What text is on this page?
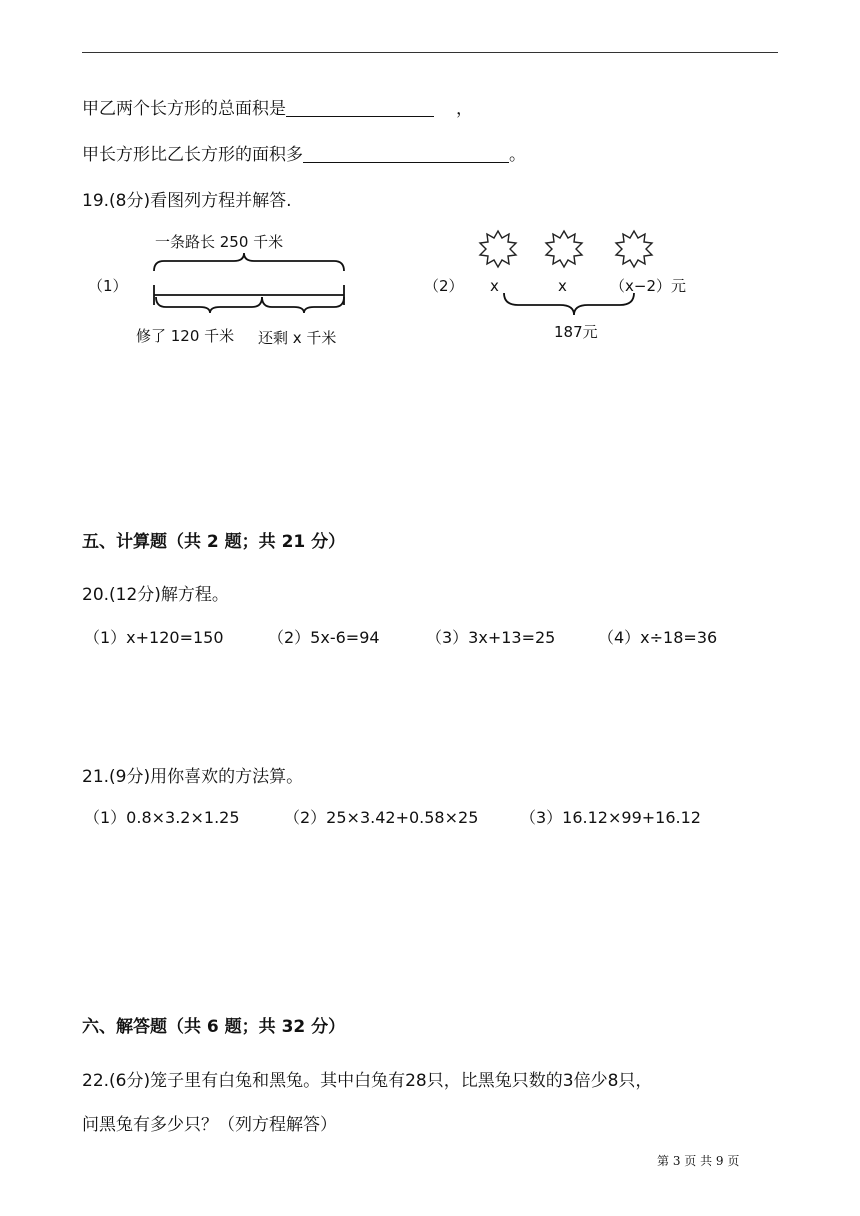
甲乙两个长方形的总面积是	，
甲长方形比乙长方形的面积多	。
19.(8分)看图列方程并解答.
（1）
一条路长 250 千米
修了 120 千米 还剩 x 千米
（2） x	x	（x−2）元
187元
五、计算题（共 2 题；共 21 分）
20.(12分)解方程。
（1）x+120=150	（2）5x-6=94	（3）3x+13=25	（4）x÷18=36
21.(9分)用你喜欢的方法算。
（1）0.8×3.2×1.25	（2）25×3.42+0.58×25	（3）16.12×99+16.12
六、解答题（共 6 题；共 32 分）
22.(6分)笼子里有白兔和黑兔。其中白兔有28只，比黑兔只数的3倍少8只，
问黑兔有多少只？（列方程解答）
第 3 页 共 9 页
